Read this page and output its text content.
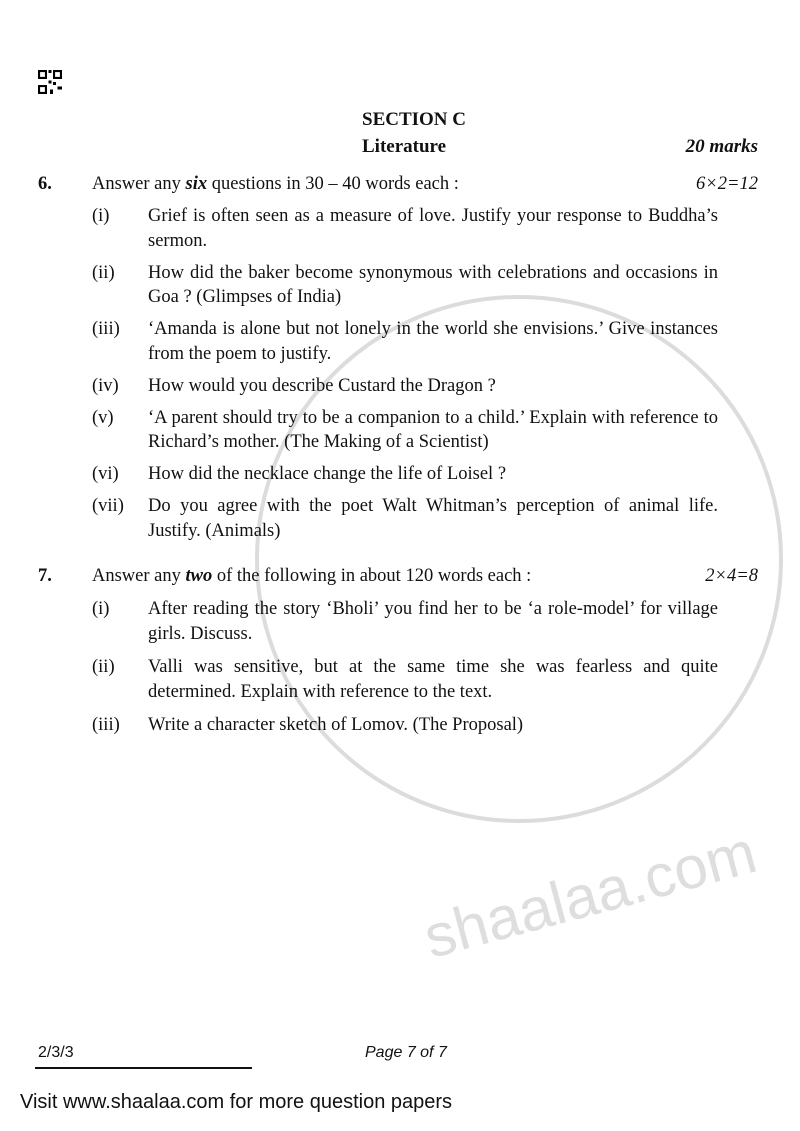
shaalaa.com
SECTION C
Literature	20 marks
6.	Answer any six questions in 30 – 40 words each :	6×2=12
(i)	Grief is often seen as a measure of love. Justify your response to Buddha’s sermon.
(ii)	How did the baker become synonymous with celebrations and occasions in Goa ? (Glimpses of India)
(iii)	‘Amanda is alone but not lonely in the world she envisions.’ Give instances from the poem to justify.
(iv)	How would you describe Custard the Dragon ?
(v)	‘A parent should try to be a companion to a child.’ Explain with reference to Richard’s mother. (The Making of a Scientist)
(vi)	How did the necklace change the life of Loisel ?
(vii)	Do you agree with the poet Walt Whitman’s perception of animal life. Justify. (Animals)
7.	Answer any two of the following in about 120 words each :	2×4=8
(i)	After reading the story ‘Bholi’ you find her to be ‘a role-model’ for village girls. Discuss.
(ii)	Valli was sensitive, but at the same time she was fearless and quite determined. Explain with reference to the text.
(iii)	Write a character sketch of Lomov. (The Proposal)
2/3/3	Page 7 of 7
Visit www.shaalaa.com for more question papers
